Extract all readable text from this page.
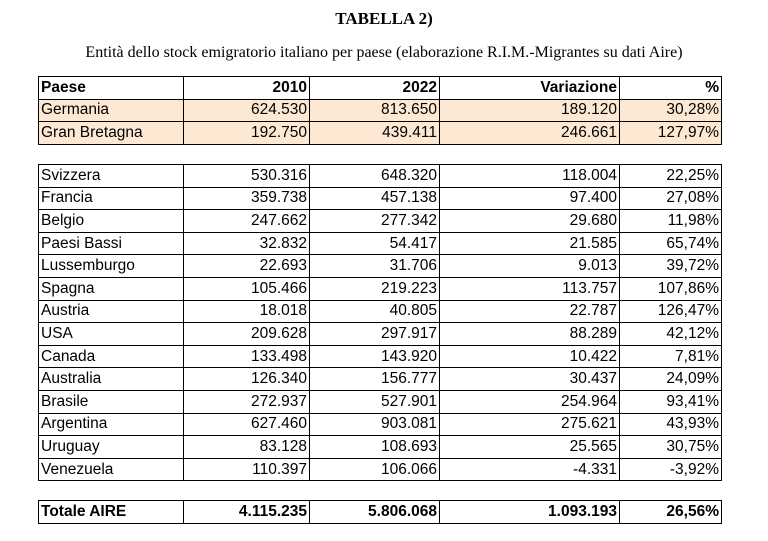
TABELLA 2)
Entità dello stock emigratorio italiano per paese (elaborazione R.I.M.-Migrantes su dati Aire)
Paese	2010	2022	Variazione	%
Germania	624.530	813.650	189.120	30,28%
Gran Bretagna	192.750	439.411	246.661	127,97%
Svizzera	530.316	648.320	118.004	22,25%
Francia	359.738	457.138	97.400	27,08%
Belgio	247.662	277.342	29.680	11,98%
Paesi Bassi	32.832	54.417	21.585	65,74%
Lussemburgo	22.693	31.706	9.013	39,72%
Spagna	105.466	219.223	113.757	107,86%
Austria	18.018	40.805	22.787	126,47%
USA	209.628	297.917	88.289	42,12%
Canada	133.498	143.920	10.422	7,81%
Australia	126.340	156.777	30.437	24,09%
Brasile	272.937	527.901	254.964	93,41%
Argentina	627.460	903.081	275.621	43,93%
Uruguay	83.128	108.693	25.565	30,75%
Venezuela	110.397	106.066	-4.331	-3,92%
Totale AIRE	4.115.235	5.806.068	1.093.193	26,56%
